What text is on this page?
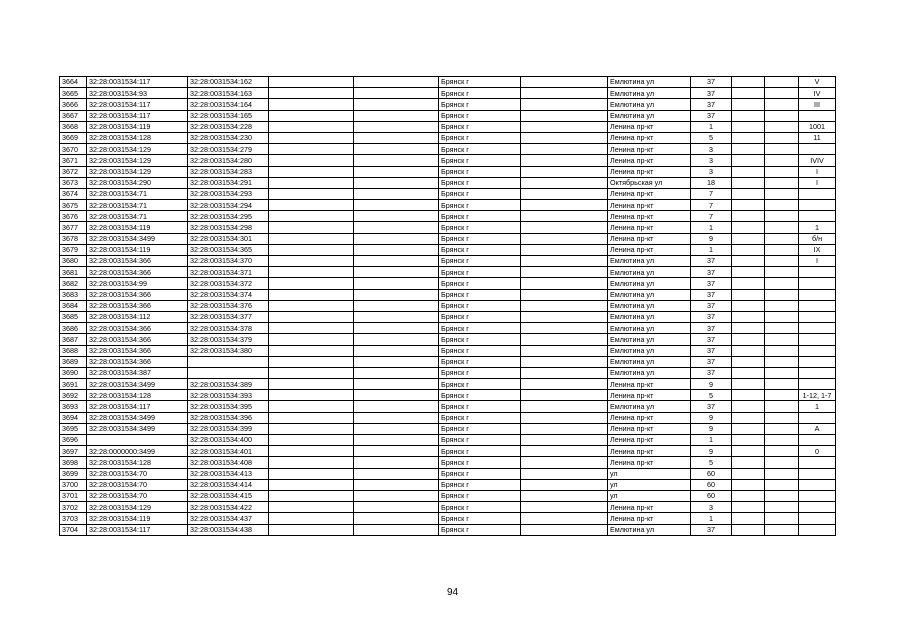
3664	32:28:0031534:117	32:28:0031534:162			Брянск г		Емлютина ул	37			V
3665	32:28:0031534:93	32:28:0031534:163			Брянск г		Емлютина ул	37			IV
3666	32:28:0031534:117	32:28:0031534:164			Брянск г		Емлютина ул	37			III
3667	32:28:0031534:117	32:28:0031534:165			Брянск г		Емлютина ул	37			
3668	32:28:0031534:119	32:28:0031534:228			Брянск г		Ленина пр-кт	1			1001
3669	32:28:0031534:128	32:28:0031534:230			Брянск г		Ленина пр-кт	5			11
3670	32:28:0031534:129	32:28:0031534:279			Брянск г		Ленина пр-кт	3			
3671	32:28:0031534:129	32:28:0031534:280			Брянск г		Ленина пр-кт	3			IVIV
3672	32:28:0031534:129	32:28:0031534:283			Брянск г		Ленина пр-кт	3			I
3673	32:28:0031534:290	32:28:0031534:291			Брянск г		Октябрьская ул	18			I
3674	32:28:0031534:71	32:28:0031534:293			Брянск г		Ленина пр-кт	7			
3675	32:28:0031534:71	32:28:0031534:294			Брянск г		Ленина пр-кт	7			
3676	32:28:0031534:71	32:28:0031534:295			Брянск г		Ленина пр-кт	7			
3677	32:28:0031534:119	32:28:0031534:298			Брянск г		Ленина пр-кт	1			1
3678	32:28:0031534:3499	32:28:0031534:301			Брянск г		Ленина пр-кт	9			б/н
3679	32:28:0031534:119	32:28:0031534:365			Брянск г		Ленина пр-кт	1			IX
3680	32:28:0031534:366	32:28:0031534:370			Брянск г		Емлютина ул	37			I
3681	32:28:0031534:366	32:28:0031534:371			Брянск г		Емлютина ул	37			
3682	32:28:0031534:99	32:28:0031534:372			Брянск г		Емлютина ул	37			
3683	32:28:0031534:366	32:28:0031534:374			Брянск г		Емлютина ул	37			
3684	32:28:0031534:366	32:28:0031534:376			Брянск г		Емлютина ул	37			
3685	32:28:0031534:112	32:28:0031534:377			Брянск г		Емлютина ул	37			
3686	32:28:0031534:366	32:28:0031534:378			Брянск г		Емлютина ул	37			
3687	32:28:0031534:366	32:28:0031534:379			Брянск г		Емлютина ул	37			
3688	32:28:0031534:366	32:28:0031534:380			Брянск г		Емлютина ул	37			
3689	32:28:0031534:366				Брянск г		Емлютина ул	37			
3690	32:28:0031534:387				Брянск г		Емлютина ул	37			
3691	32:28:0031534:3499	32:28:0031534:389			Брянск г		Ленина пр-кт	9			
3692	32:28:0031534:128	32:28:0031534:393			Брянск г		Ленина пр-кт	5			1-12, 1-7
3693	32:28:0031534:117	32:28:0031534:395			Брянск г		Емлютина ул	37			1
3694	32:28:0031534:3499	32:28:0031534:396			Брянск г		Ленина пр-кт	9			
3695	32:28:0031534:3499	32:28:0031534:399			Брянск г		Ленина пр-кт	9			А
3696		32:28:0031534:400			Брянск г		Ленина пр-кт	1			
3697	32:28:0000000:3499	32:28:0031534:401			Брянск г		Ленина пр-кт	9			0
3698	32:28:0031534:128	32:28:0031534:408			Брянск г		Ленина пр-кт	5			
3699	32:28:0031534:70	32:28:0031534:413			Брянск г		ул	60			
3700	32:28:0031534:70	32:28:0031534:414			Брянск г		ул	60			
3701	32:28:0031534:70	32:28:0031534:415			Брянск г		ул	60			
3702	32:28:0031534:129	32:28:0031534:422			Брянск г		Ленина пр-кт	3			
3703	32:28:0031534:119	32:28:0031534:437			Брянск г		Ленина пр-кт	1			
3704	32:28:0031534:117	32:28:0031534:438			Брянск г		Емлютина ул	37			
94
